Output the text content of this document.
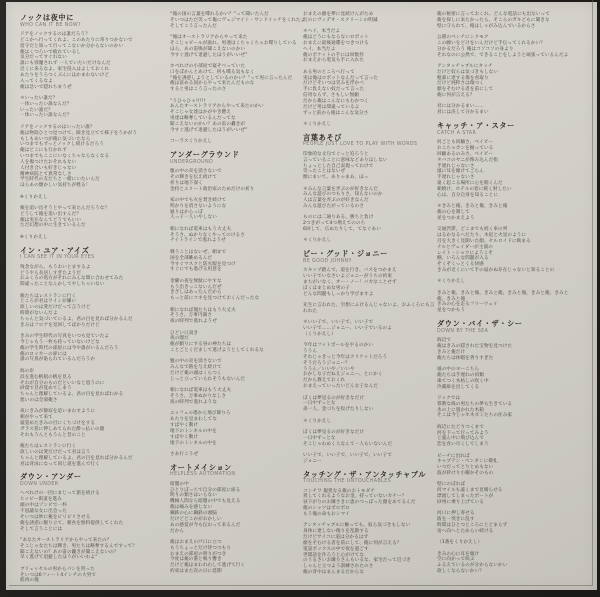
ノックは夜中に
WHO CAN IT BE NOW?
ドアをノックするのは誰だろう？
どこかへ行ってくれよ、このあたりに寄りつかないで
留守だと知って行ってこないか分からないのかい
俺はくつろいで疲れているし
気分だってすぐれない
誰にも邪魔されず 一人でいたいだけなんだ
近くに来るなよ、家宅侵入はよしておくれ
あたりをうろつくぶんにはかまわないけど
入ってくるなよ
俺は急いで隠れちまうぜ
＊いったい誰だ？
一体いったい誰なんだ？
いったい誰だ？
一体いったい誰なんだ？
ドアをノックするのはいったい誰？
俺は物陰ひとつ見つけて、隙き見立てて様子をうかがう
もしもあいつが俺に気づいたなら
いつまでもずっとノックし続けるだろう
俺はどこにも行かれず
いつまでもここにいなくちゃならなくなる
人を傷つけたおそれもない
人付き合いも好きじゃない
精神病院とて異常なしさ
学生時代の友だちと一緒にいたいんだ
ほらあの懐かしい気持ちが甦る！
※くりかえし
俺を追い出そうとやって来たんだろうな？
どうして俺を追い出すんだ？
俺は実在なんてどうでもいい
ただ幻想の中に生きているんだ
※くりかえし
イン・ユア・アイズ
I CAN SEE IT IN YOUR EYES
残念ながら、もうおいとまするよ
どうやら長居しすぎたようだ
おふくろの処方がそれにみんな間に合わせてみた
間違ったことなんかしてやしちゃいない
俺たちはレストランに行く
ところが君はワインが嫌い
欲しいのは愛だけだって言うけど
時間がないんだよ
ちゃんと気づいているよ、君の目を見れば分かるんだ
きみはフロアを見回してばかりだけど
きみの学生時代の写真をいつも見ていたよ
今じゃもう一枚も持っていないけどな
俺の学生時代の部屋には今や誰がいるんだろう
俺のロッカーの扉には
誰の写真が貼られているんだろうか
海の岸
浜を進む帆船の帆を見る
それが自分のものだといいなと思うのに
砂漠で目が覚めてしまう
ちゃんと理解しているよ、君の目を見ればわかる
悪いのは全部俺さ
夜にきみが静寂を追いまわすように
朝がやって来て
寝覚めたきみの目にくちづけをする
ガラス窓に押しあてられた酔っ払いの顔
それもうんともうんと昔のこと
俺たちはレストランに行く
欲しいのは愛だけだって君は言う
ちゃんと理解しているよ、君の目を見れば分かるんだ
君は背泳になって同じ道を進んで行く
ダウン・アンダー
DOWN UNDER
ヘベれけの一団にまじって旅を続ける
ヒッピー街道を進み
頭の中はゾンビで一杯
不思議な女に出会った
そいつは妙に俺をピリピリさせる
俺を誘惑に駆り立て、朝食を無料提供してくれた
そして言うことには
“あなたオーストラリアからやって来たの？
そこじゃ女たちは輝き、男たちは略奪するんですって？
聞こえないの？あの雷の轟きが聞こえないの？
早く逃げて退避したほうがいいわよ”
ブリュッセルの男からパンを買った
そいつは6フィート4インチの大男で
筋肉の塊
“俺の国の言葉を喋れるかい？”って聞いたんだ
そいつはただ笑って俺にヴェジマイト・サンドイッチをくれたよ
そしてこう言ったんだ
“俺はオーストラリアからやって来た
そこじゃビールが溢れ、男連はくちゃくちゃお喋りしている
ほら、あの雷鳴が聞こえないのかい
今すぐ逃げて退避したほうがいいぜ”
ホベれけの小部屋で寝そべっていた
口をぽかんとあけて、何も喋る気もなく
“俺を誘惑しようとしているのかい？”って男に言ったんだ
俺は富める国からやって来たんだものな
すると男はこう言ったのさ
“うひゃひゃ!!!!!
あんたオーストラリアからやって来たのかい
そこじゃ女達はかがやき燃え
男達は略奪しているんだってな
聞こえないのかい？あの雷の轟きが
今すぐ逃げて退避したほうがいいぜ”
コーラスくりかえし
アンダーグラウンド
UNDERGROUND
腹の中の炎を消さないで
その輝きを伝え続けて
祈りは地下深く
金持とエリート政治家のためだけの祈り
家の中でも火を焚き続けて
明かりを消さないようにな
通りはからっぽ
人っ子一人いやしない
朝になれば電車はもう大丈夫
そうさ、ぬかりなくやってのけるさ
ナイトラインで逃れようぜ
戦うことはないぜ、朝まで
国を全部眺めるんだ
今すぐマスクと防火服を見つけ
すぐにでも逃げる用意を
金曜の夜を無駄にやすな
もう出きっこないんだぜ
きざしはあったんだから
もっと前にコネを見つけておくんだったな
朝になれば俺たちはもう大丈夫
そうさ、万事円満さ
夜の時列で逃れようぜ
ひどい口説き
夜の闇だ
俺が頼りにする昼の神たちは
ことごとくだまして逃げようとしてくれるな
腹の中の炎を消さないで
みんなで熱を与え続けて
だけど俺の頭はくらつく
じっと立っていられそうもないんだ
朝になれば電車はもう大丈夫
そうさ、万事ぬかりなしさ
夜の時列で逃れような
エッフェル塔から飛び降りろ
あたりを見まわしてな
すばやく動け
地下のトンネルの中を
すばやく動け
地下のトンネルの中を
さあ行こうぜ
オートメイション
HELPLESS AUTOMATION
暗闇の中
ひとりぼっちで自分の部屋に座る
明りの類さはいらない
機械人間なら暗闇の中でも見える
俺は痛みを感じない
鋼鉄の心に鋼鉄の頭脳
だけどどこかがおかしい
あの感覚が今も伝わって来るんだ
だから
俺はおまえの戸口に立つ
もうちょっとだけ待つつもり
おまえの部屋の明りがつき
今度は俺の番と鳴り響き
だけど俺はまわれ右して逃げて行く
約束はまた次の日に延期
おまえの顔を夢に見続けんがため
だのにヴィデオ・スクリーンの明滅
＊ヘイ、本当だよ
俺はどうにもならないロボット
おまえに最後通牒をつきつける
ヘイ、本当だよ
俺のポケットの手には回数券
おまえから電気も手に入れた
ある男のところへ行って
実は俺はロボットなんだって言った
だけどそいつは笑みを浮かべ
手に負えない奴だって言った
信用ならず、さもしい無頼
だから俺はこんなにもむかつく
だけど男は間違っているよ
ずっと前から俺はこんな気分さ
＊くりかえし
言葉あそび
PEOPLE JUST LOVE TO PLAY WITH WORDS
印象的な文句でぐっと迫ろうと
言っていることに意味などありはしない
ちょっとした自己表現ってわけで
笑ったことはないぜ
煙にまいて、ありゃまあ、ほっ
＊みんな言葉を弄ぶのが好きなんだ
みんな遊びのつもりさ、知らないのか
人は言葉を弄ぶのが好きなんだ
みんな遊びたがっているのさ
ものには二通りある、勝ちと負け
2つきがって4つ増えてののち
6回して、広めたりして、てなぐあい
＊くりかえし
ビー・グッド・ジョニー
BE GOOD JOHNNY
スキップ踏んで、道を行き、バスをつかまえ
いい子でいなさいよジョニーがうちの約束
まちがいなく、オー・ノー！バカなことせず
ぼくはまじめな男の子
どんな問題もしっかり学びますよ
先生に言われた、空想にふけるんじゃないよ、おふくろにも言
われた
＊いい子で、いい子で、いい子で
いい子で……ジョニー、いい子でいるのよ
（くりかえし）
今年はフットボールをやるのかい
ううん
それじゃきっと今年はクリケットだろう
そうだろうジョニー？
ううん／いいや／いいや
おかしな子だねえジョニー、とにかく
だから教えておくれ
おまえっていったいどんな子なんだ
ぼくは夢見るのが好きなだけ
一日中ずっとな
弟一人、金づちを投げたりしない
＊くりかえし
ぼくは夢見るのが好きなだけ
一日中ずっとな
そこじゃわめく人なんて一人もいないんだ
いい子で、いい子で、いい子で、いい子で
ジョニー
タッチング・ザ・アンタッチャブル
TOUCHING THE UNTOUCHABLES
コンチワ 親愛なる俺のおトモダチ
愛してくれるようなお金、持っていないカナー？
昼下がりのお隣さきに恵のつっぱった顔をあてるんだ
俺のシャツはボロボロ
もう俺の命もおシマイ
アンタッチャブルに触っても、奴ら気づきもしない
身体に達しない傷りを乱散する
だけどサイコに道は分かるはず
顔をそむける者を前にして、俺に何が言える？
電話ボックスの中で夜を過ごす
世間話を作ろうと心がけてな
のうるさいお隣りさんもいるな、家宅だって近づき
しゃんと立つよう訓練されたのさ
俺の背中はまんまるだからな
俺の秘密に言っておくれ、どんな電話にも出ないって
俺を探しに来たかったら、そこらのガキどもに聞きな
壁に守られて、俺はしゃがみ込んでいるからさ
公園のベンチにシクモク
この願いをどけをいんだけど手伝ってくれるかい？
分かるだろう 俺はコソコソの身より
それなのに公然で、できることをしようと頑張っているんだよ
アンタッチャブルにタッチ
だけど奴らは気づきもしない
粗暴に達する傷を看取り
だけど純粋さは傷つく
顔をそむける者を前にして
俺に何が言える？
君には分かるまい……
君には決して分かるまい
キャッチ・ア・スター
CATCH A STAR
何ごとも回顧さ、ベイビー
おこちゃカンを握っている
回顧あるのみさ、ベイビー
タバコのヤニが滲み込んだ指
手遅れじゃないさ
風に耳を傾けてごらん
手遅れじゃないさ
遠く起こる場所に心を開くんだ
朝焼け、ホテルの窓に鈍く射したい
心は、自分自身を知ることに
＊きみと俺、きみと俺、きみと俺
俺の心を制して
星をつかまえよう
交通渋滞、どこまでも続く車の列
はるかなるへだたり、木星と火星のように
目を大きく見開いた顔、セルロイドに映まる
ナルとヴェイダーが主演の
レイト・ショウにようこそ
棚、いろんな問題が入る
ぞくぞくっとくる快感
きみが近くにいて手の届かぬ存在じゃないと知ることの
＊くりかえし
きみと俺、きみと俺、きみと俺、きみと俺、きみと俺、きみと
俺、きみと俺
きみの心を走るフリーウェイ
星をつかもう
ダウン・バイ・ザ・シー
DOWN BY THE SEA
海辺で
俺はきみの隠された宝物を見つけた
きみと俺だけ
俺たちは休暇を貪りすぎた
風の中のヨーこちら
俺たちは手遅れの同類
凍てつく木枯しの吹く中
冷蔵庫を出してくる
ドックでは
寡黙な海の男たちの夢も生きている
氷の上に置かれた木箱
そこは今じゃホネズミたちの住み家
海辺にたどりつくまで
河を下って行ってみよう
と風ん中に飛び込んで
恋を食い尽くしてしまう
ビーチに出れば
キャプテン・ペンギンに敬礼
いつだってとりとめもない
波が砕けり小躍かそのもの
壁にのぼれば
何マイルも遠くまで見晴らせる
漂流してしまったボートが
砂州に乗り上げている
河口に押し寄せる
波を一突きに乱す
時間はひとつところにとどまらず
宙へ向へとためらい続ける
（1番をくりかえし）
きみの心に耳を傾け
空に向かって叫ぶ
ふるえているのが分からないかい
欲しくならないかい？
